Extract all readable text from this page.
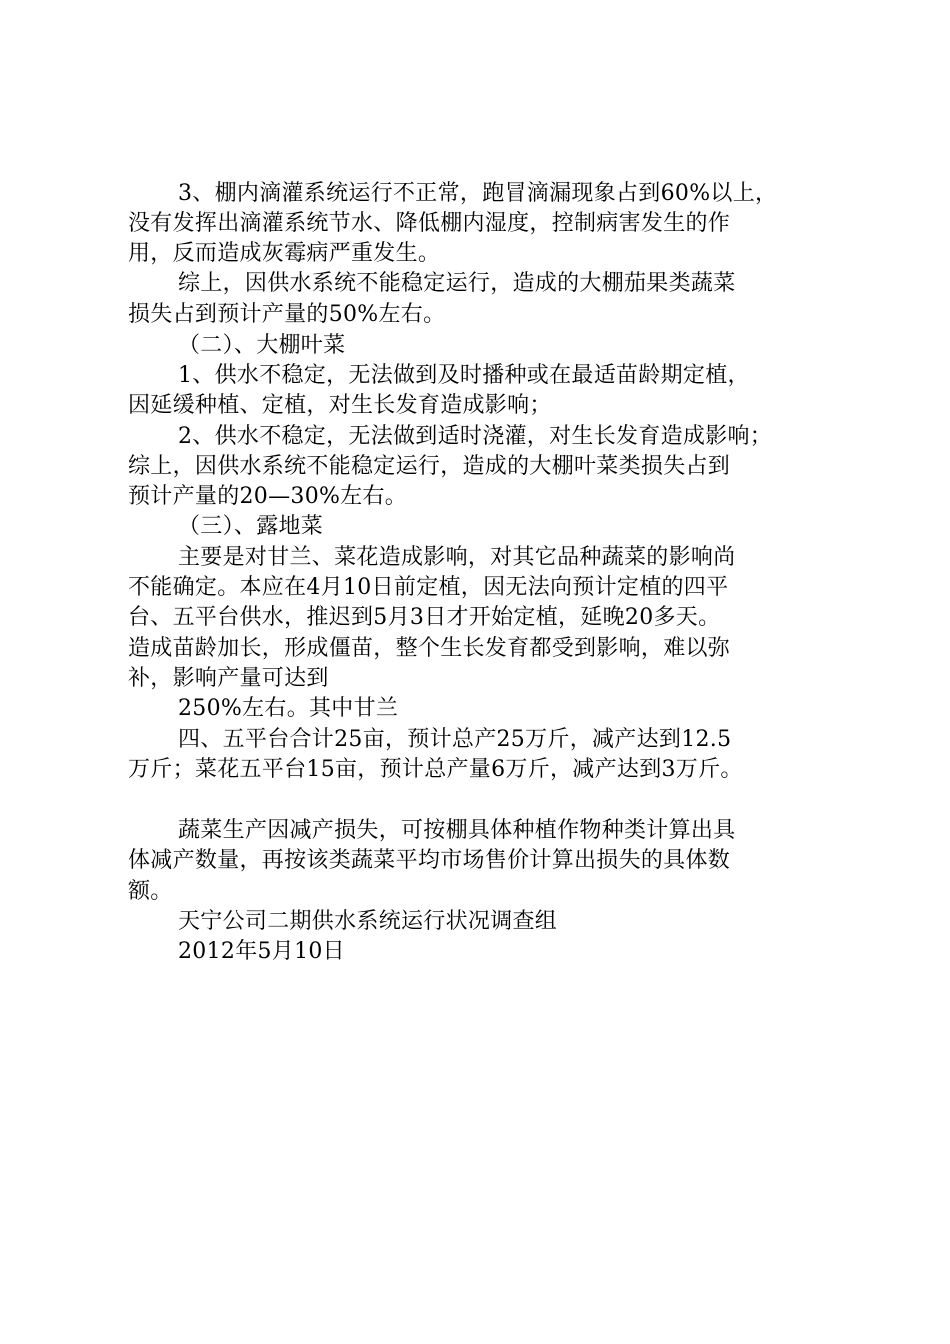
3、棚内滴灌系统运行不正常，跑冒滴漏现象占到60%以上，
没有发挥出滴灌系统节水、降低棚内湿度，控制病害发生的作
用，反而造成灰霉病严重发生。
综上，因供水系统不能稳定运行，造成的大棚茄果类蔬菜
损失占到预计产量的50%左右。
（二）、大棚叶菜
1、供水不稳定，无法做到及时播种或在最适苗龄期定植，
因延缓种植、定植，对生长发育造成影响；
2、供水不稳定，无法做到适时浇灌，对生长发育造成影响；
综上，因供水系统不能稳定运行，造成的大棚叶菜类损失占到
预计产量的20—30%左右。
（三）、露地菜
主要是对甘兰、菜花造成影响，对其它品种蔬菜的影响尚
不能确定。本应在4月10日前定植，因无法向预计定植的四平
台、五平台供水，推迟到5月3日才开始定植，延晚20多天。
造成苗龄加长，形成僵苗，整个生长发育都受到影响，难以弥
补，影响产量可达到
250%左右。其中甘兰
四、五平台合计25亩，预计总产25万斤，减产达到12.5
万斤；菜花五平台15亩，预计总产量6万斤，减产达到3万斤。
蔬菜生产因减产损失，可按棚具体种植作物种类计算出具
体减产数量，再按该类蔬菜平均市场售价计算出损失的具体数
额。
天宁公司二期供水系统运行状况调查组
2012年5月10日
